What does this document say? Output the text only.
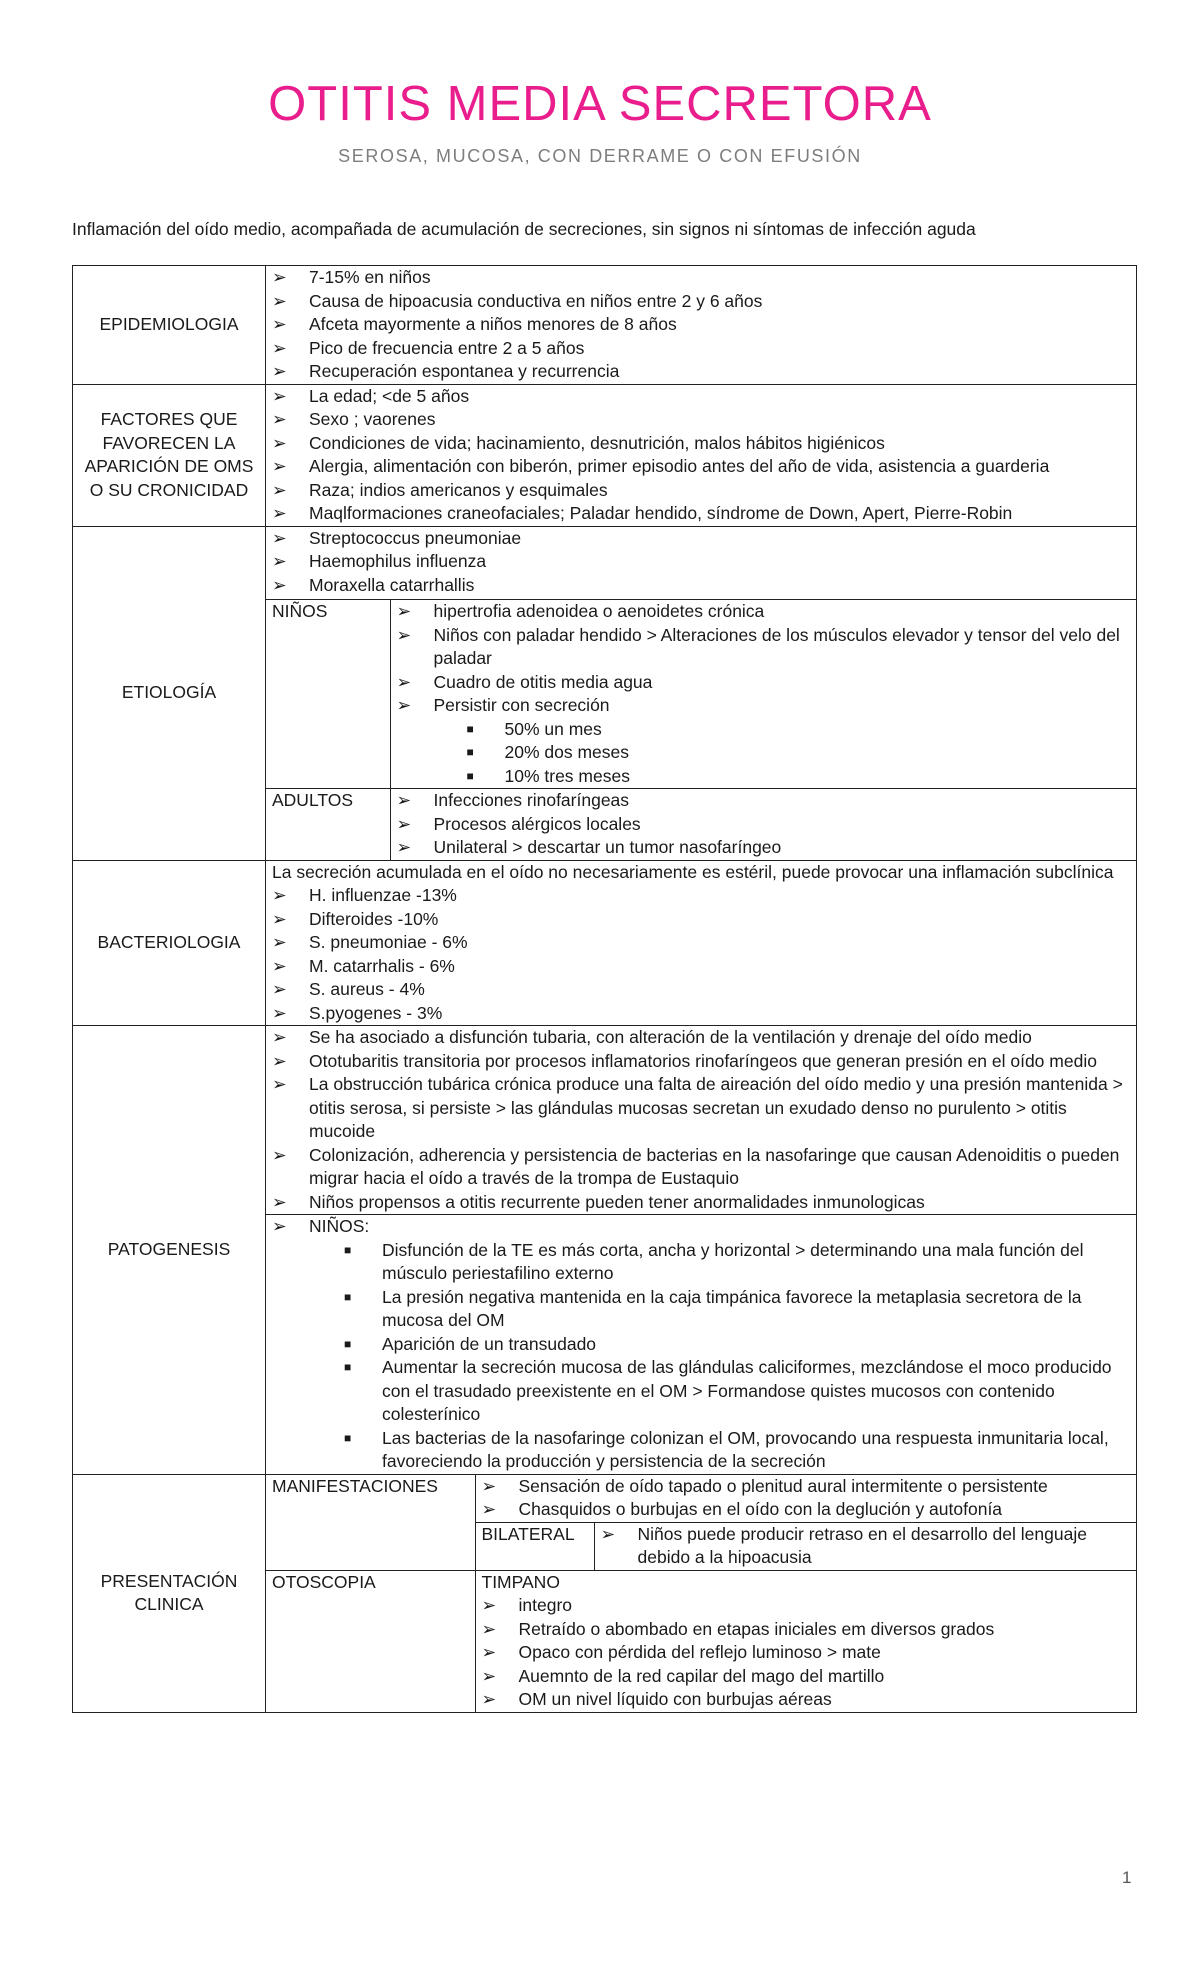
OTITIS MEDIA SECRETORA
SEROSA, MUCOSA, CON DERRAME O CON EFUSIÓN
Inflamación del oído medio, acompañada de acumulación de secreciones, sin signos ni síntomas de infección aguda
EPIDEMIOLOGIA	
➢ 7-15% en niños
➢ Causa de hipoacusia conductiva en niños entre 2 y 6 años
➢ Afceta mayormente a niños menores de 8 años
➢ Pico de frecuencia entre 2 a 5 años
➢ Recuperación espontanea y recurrencia

FACTORES QUE FAVORECEN LA APARICIÓN DE OMS O SU CRONICIDAD	
➢ La edad; <de 5 años
➢ Sexo ; vaorenes
➢ Condiciones de vida; hacinamiento, desnutrición, malos hábitos higiénicos
➢ Alergia, alimentación con biberón, primer episodio antes del año de vida, asistencia a guarderia
➢ Raza; indios americanos y esquimales
➢ Maqlformaciones craneofaciales; Paladar hendido, síndrome de Down, Apert, Pierre-Robin

ETIOLOGÍA	
➢ Streptococcus pneumoniae
➢ Haemophilus influenza
➢ Moraxella catarrhallis
NIÑOS	➢ hipertrofia adenoidea o aenoidetes crónica
➢ Niños con paladar hendido > Alteraciones de los músculos elevador y tensor del velo del paladar
➢ Cuadro de otitis media agua
➢ Persistir con secreción
■ 50% un mes
■ 20% dos meses
■ 10% tres meses

ADULTOS	➢ Infecciones rinofaríngeas
➢ Procesos alérgicos locales
➢ Unilateral > descartar un tumor nasofaríngeo

BACTERIOLOGIA	
La secreción acumulada en el oído no necesariamente es estéril, puede provocar una inflamación subclínica
➢ H. influenzae -13%
➢ Difteroides -10%
➢ S. pneumoniae - 6%
➢ M. catarrhalis - 6%
➢ S. aureus - 4%
➢ S.pyogenes - 3%

PATOGENESIS	
➢ Se ha asociado a disfunción tubaria, con alteración de la ventilación y drenaje del oído medio
➢ Ototubaritis transitoria por procesos inflamatorios rinofaríngeos que generan presión en el oído medio
➢ La obstrucción tubárica crónica produce una falta de aireación del oído medio y una presión mantenida > otitis serosa, si persiste > las glándulas mucosas secretan un exudado denso no purulento > otitis mucoide
➢ Colonización, adherencia y persistencia de bacterias en la nasofaringe que causan Adenoiditis o pueden migrar hacia el oído a través de la trompa de Eustaquio
➢ Niños propensos a otitis recurrente pueden tener anormalidades inmunologicas
➢ NIÑOS:
■ Disfunción de la TE es más corta, ancha y horizontal > determinando una mala función del músculo periestafilino externo
■ La presión negativa mantenida en la caja timpánica favorece la metaplasia secretora de la mucosa del OM
■ Aparición de un transudado
■ Aumentar la secreción mucosa de las glándulas caliciformes, mezclándose el moco producido con el trasudado preexistente en el OM > Formandose quistes mucosos con contenido colesterínico
■ Las bacterias de la nasofaringe colonizan el OM, provocando una respuesta inmunitaria local, favoreciendo la producción y persistencia de la secreción

PRESENTACIÓN CLINICA	
MANIFESTACIONES	➢ Sensación de oído tapado o plenitud aural intermitente o persistente
➢ Chasquidos o burbujas en el oído con la deglución y autofonía

BILATERAL	➢ Niños puede producir retraso en el desarrollo del lenguaje debido a la hipoacusia

OTOSCOPIA	TIMPANO
➢ integro
➢ Retraído o abombado en etapas iniciales em diversos grados
➢ Opaco con pérdida del reflejo luminoso > mate
➢ Auemnto de la red capilar del mago del martillo
➢ OM un nivel líquido con burbujas aéreas
1
